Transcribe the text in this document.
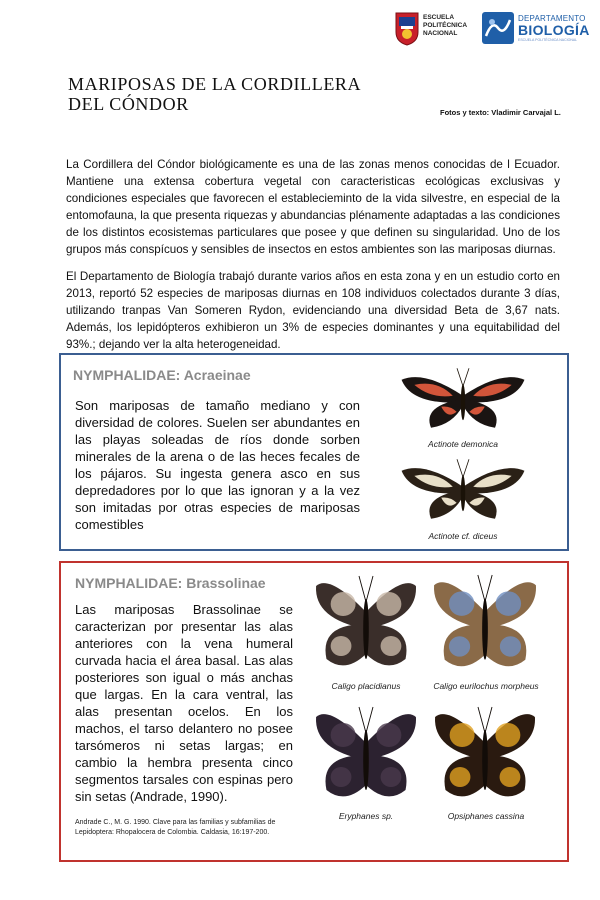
ESCUELA
POLITÉCNICA
NACIONAL
DEPARTAMENTO
BIOLOGÍA
ESCUELA POLITÉCNICA NACIONAL
MARIPOSAS DE LA CORDILLERA
DEL CÓNDOR	Fotos y texto: Vladimir Carvajal L.
La Cordillera del Cóndor biológicamente es una de las zonas menos conocidas de l Ecuador. Mantiene una extensa cobertura vegetal con caracteristicas ecológicas exclusivas y condiciones especiales que favorecen el establecieminto de la vida silvestre, en especial de la entomofauna, la que presenta riquezas y abundancias plénamente adaptadas a las condiciones de los distintos ecosistemas particulares que posee y que definen su singularidad. Uno de los grupos más conspícuos y sensibles de insectos en estos ambientes son las mariposas diurnas.
El Departamento de Biología trabajó durante varios años en esta zona y en un estudio corto en 2013, reportó 52 especies de mariposas diurnas en 108 individuos colectados durante 3 días, utilizando tranpas Van Someren Rydon, evidenciando una diversidad Beta de 3,67 nats. Además, los lepidópteros exhibieron un 3% de especies dominantes y una equitabilidad del 93%.; dejando ver la alta heterogeneidad.
NYMPHALIDAE: Acraeinae
Son mariposas de tamaño mediano y con diversidad de colores. Suelen ser abundantes en las playas soleadas de ríos donde sorben minerales de la arena o de las heces fecales de los pájaros. Su ingesta genera asco en sus depredadores por lo que las ignoran y a la vez son imitadas por otras especies de mariposas comestibles
Actinote demonica
Actinote cf. diceus
NYMPHALIDAE: Brassolinae
Las mariposas Brassolinae se caracterizan por presentar las alas anteriores con la vena humeral curvada hacia el área basal. Las alas posteriores son igual o más anchas que largas. En la cara ventral, las alas presentan ocelos. En los machos, el tarso delantero no posee tarsómeros ni setas largas; en cambio la hembra presenta cinco segmentos tarsales con espinas pero sin setas (Andrade, 1990).
Andrade C., M. G. 1990. Clave para las familias y subfamilias de Lepidoptera: Rhopalocera de Colombia. Caldasia, 16:197-200.
Caligo placidianus	Caligo eurilochus morpheus
Eryphanes sp.	Opsiphanes cassina
